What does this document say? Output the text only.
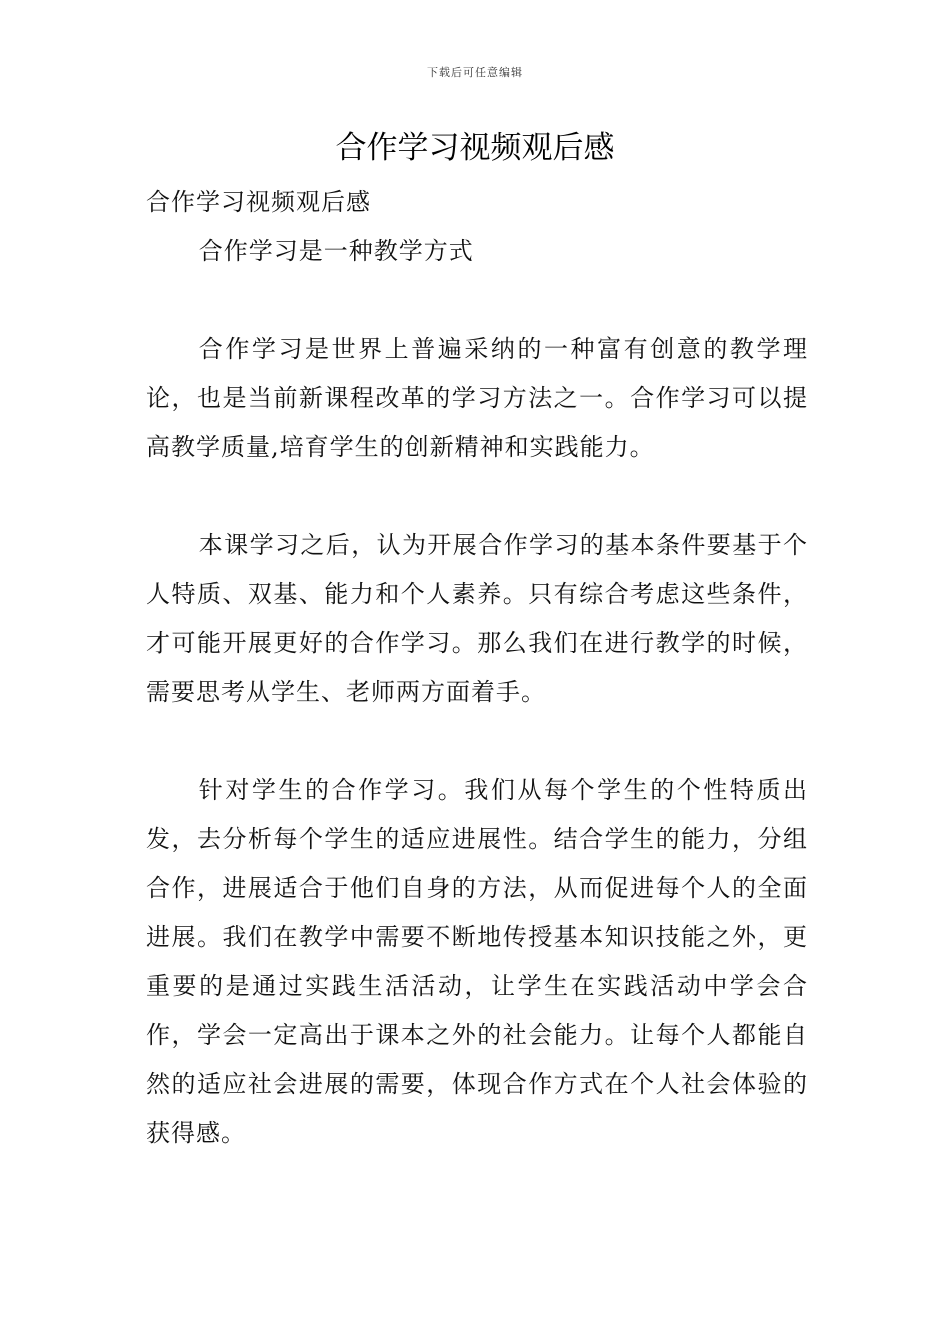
下载后可任意编辑
合作学习视频观后感

合作学习视频观后感

合作学习是一种教学方式

合作学习是世界上普遍采纳的一种富有创意的教学理论，也是当前新课程改革的学习方法之一。合作学习可以提高教学质量,培育学生的创新精神和实践能力。

本课学习之后，认为开展合作学习的基本条件要基于个人特质、双基、能力和个人素养。只有综合考虑这些条件，才可能开展更好的合作学习。那么我们在进行教学的时候，需要思考从学生、老师两方面着手。

针对学生的合作学习。我们从每个学生的个性特质出发，去分析每个学生的适应进展性。结合学生的能力，分组合作，进展适合于他们自身的方法，从而促进每个人的全面进展。我们在教学中需要不断地传授基本知识技能之外，更重要的是通过实践生活活动，让学生在实践活动中学会合作，学会一定高出于课本之外的社会能力。让每个人都能自然的适应社会进展的需要，体现合作方式在个人社会体验的获得感。
